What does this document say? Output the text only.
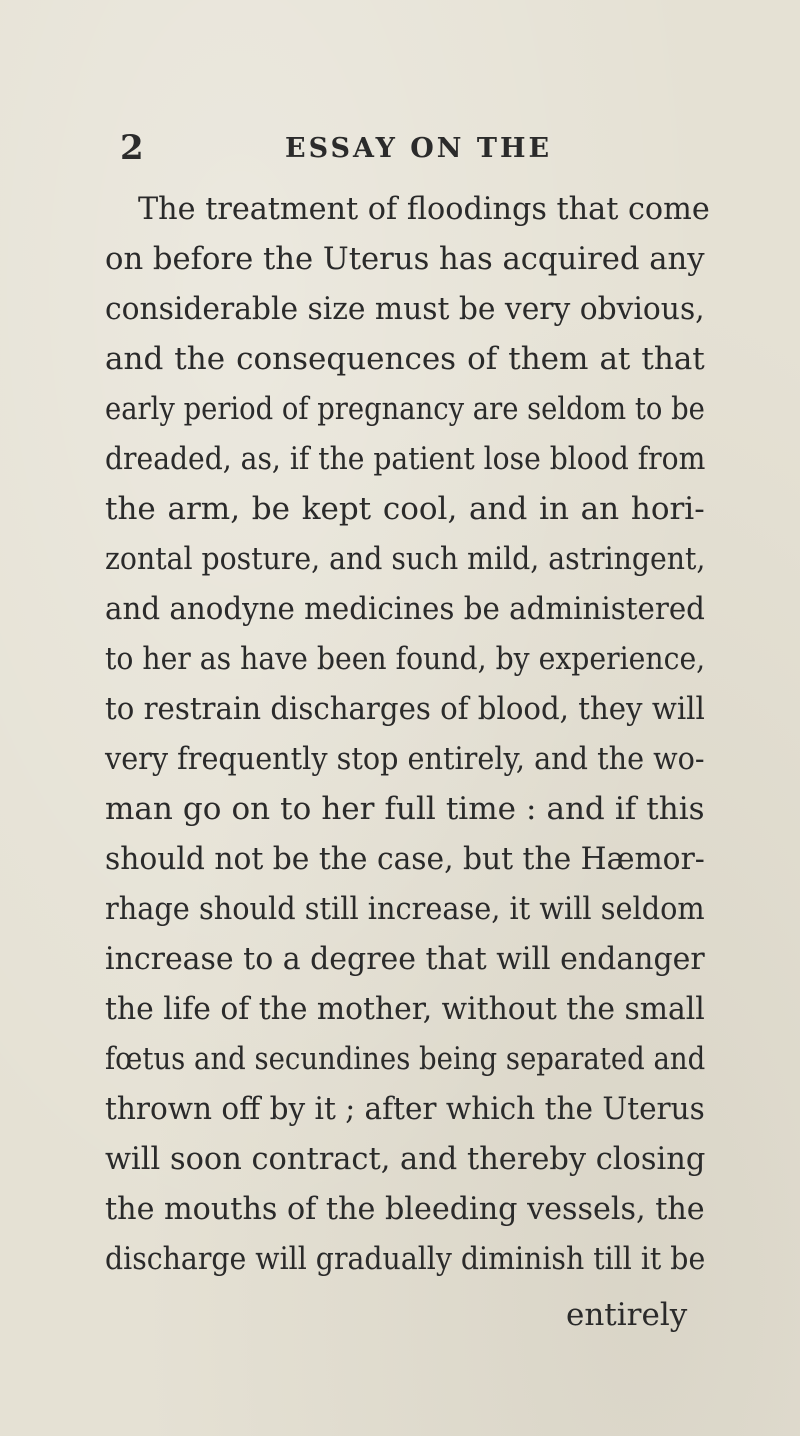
2	ESSAY ON THE
The treatment of floodings that come
on before the Uterus has acquired any
considerable size must be very obvious,
and the consequences of them at that
early period of pregnancy are seldom to be
dreaded, as, if the patient lose blood from
the arm, be kept cool, and in an hori-
zontal posture, and such mild, astringent,
and anodyne medicines be administered
to her as have been found, by experience,
to restrain discharges of blood, they will
very frequently stop entirely, and the wo-
man go on to her full time : and if this
should not be the case, but the Hæmor-
rhage should still increase, it will seldom
increase to a degree that will endanger
the life of the mother, without the small
fœtus and secundines being separated and
thrown off by it ; after which the Uterus
will soon contract, and thereby closing
the mouths of the bleeding vessels, the
discharge will gradually diminish till it be
entirely
